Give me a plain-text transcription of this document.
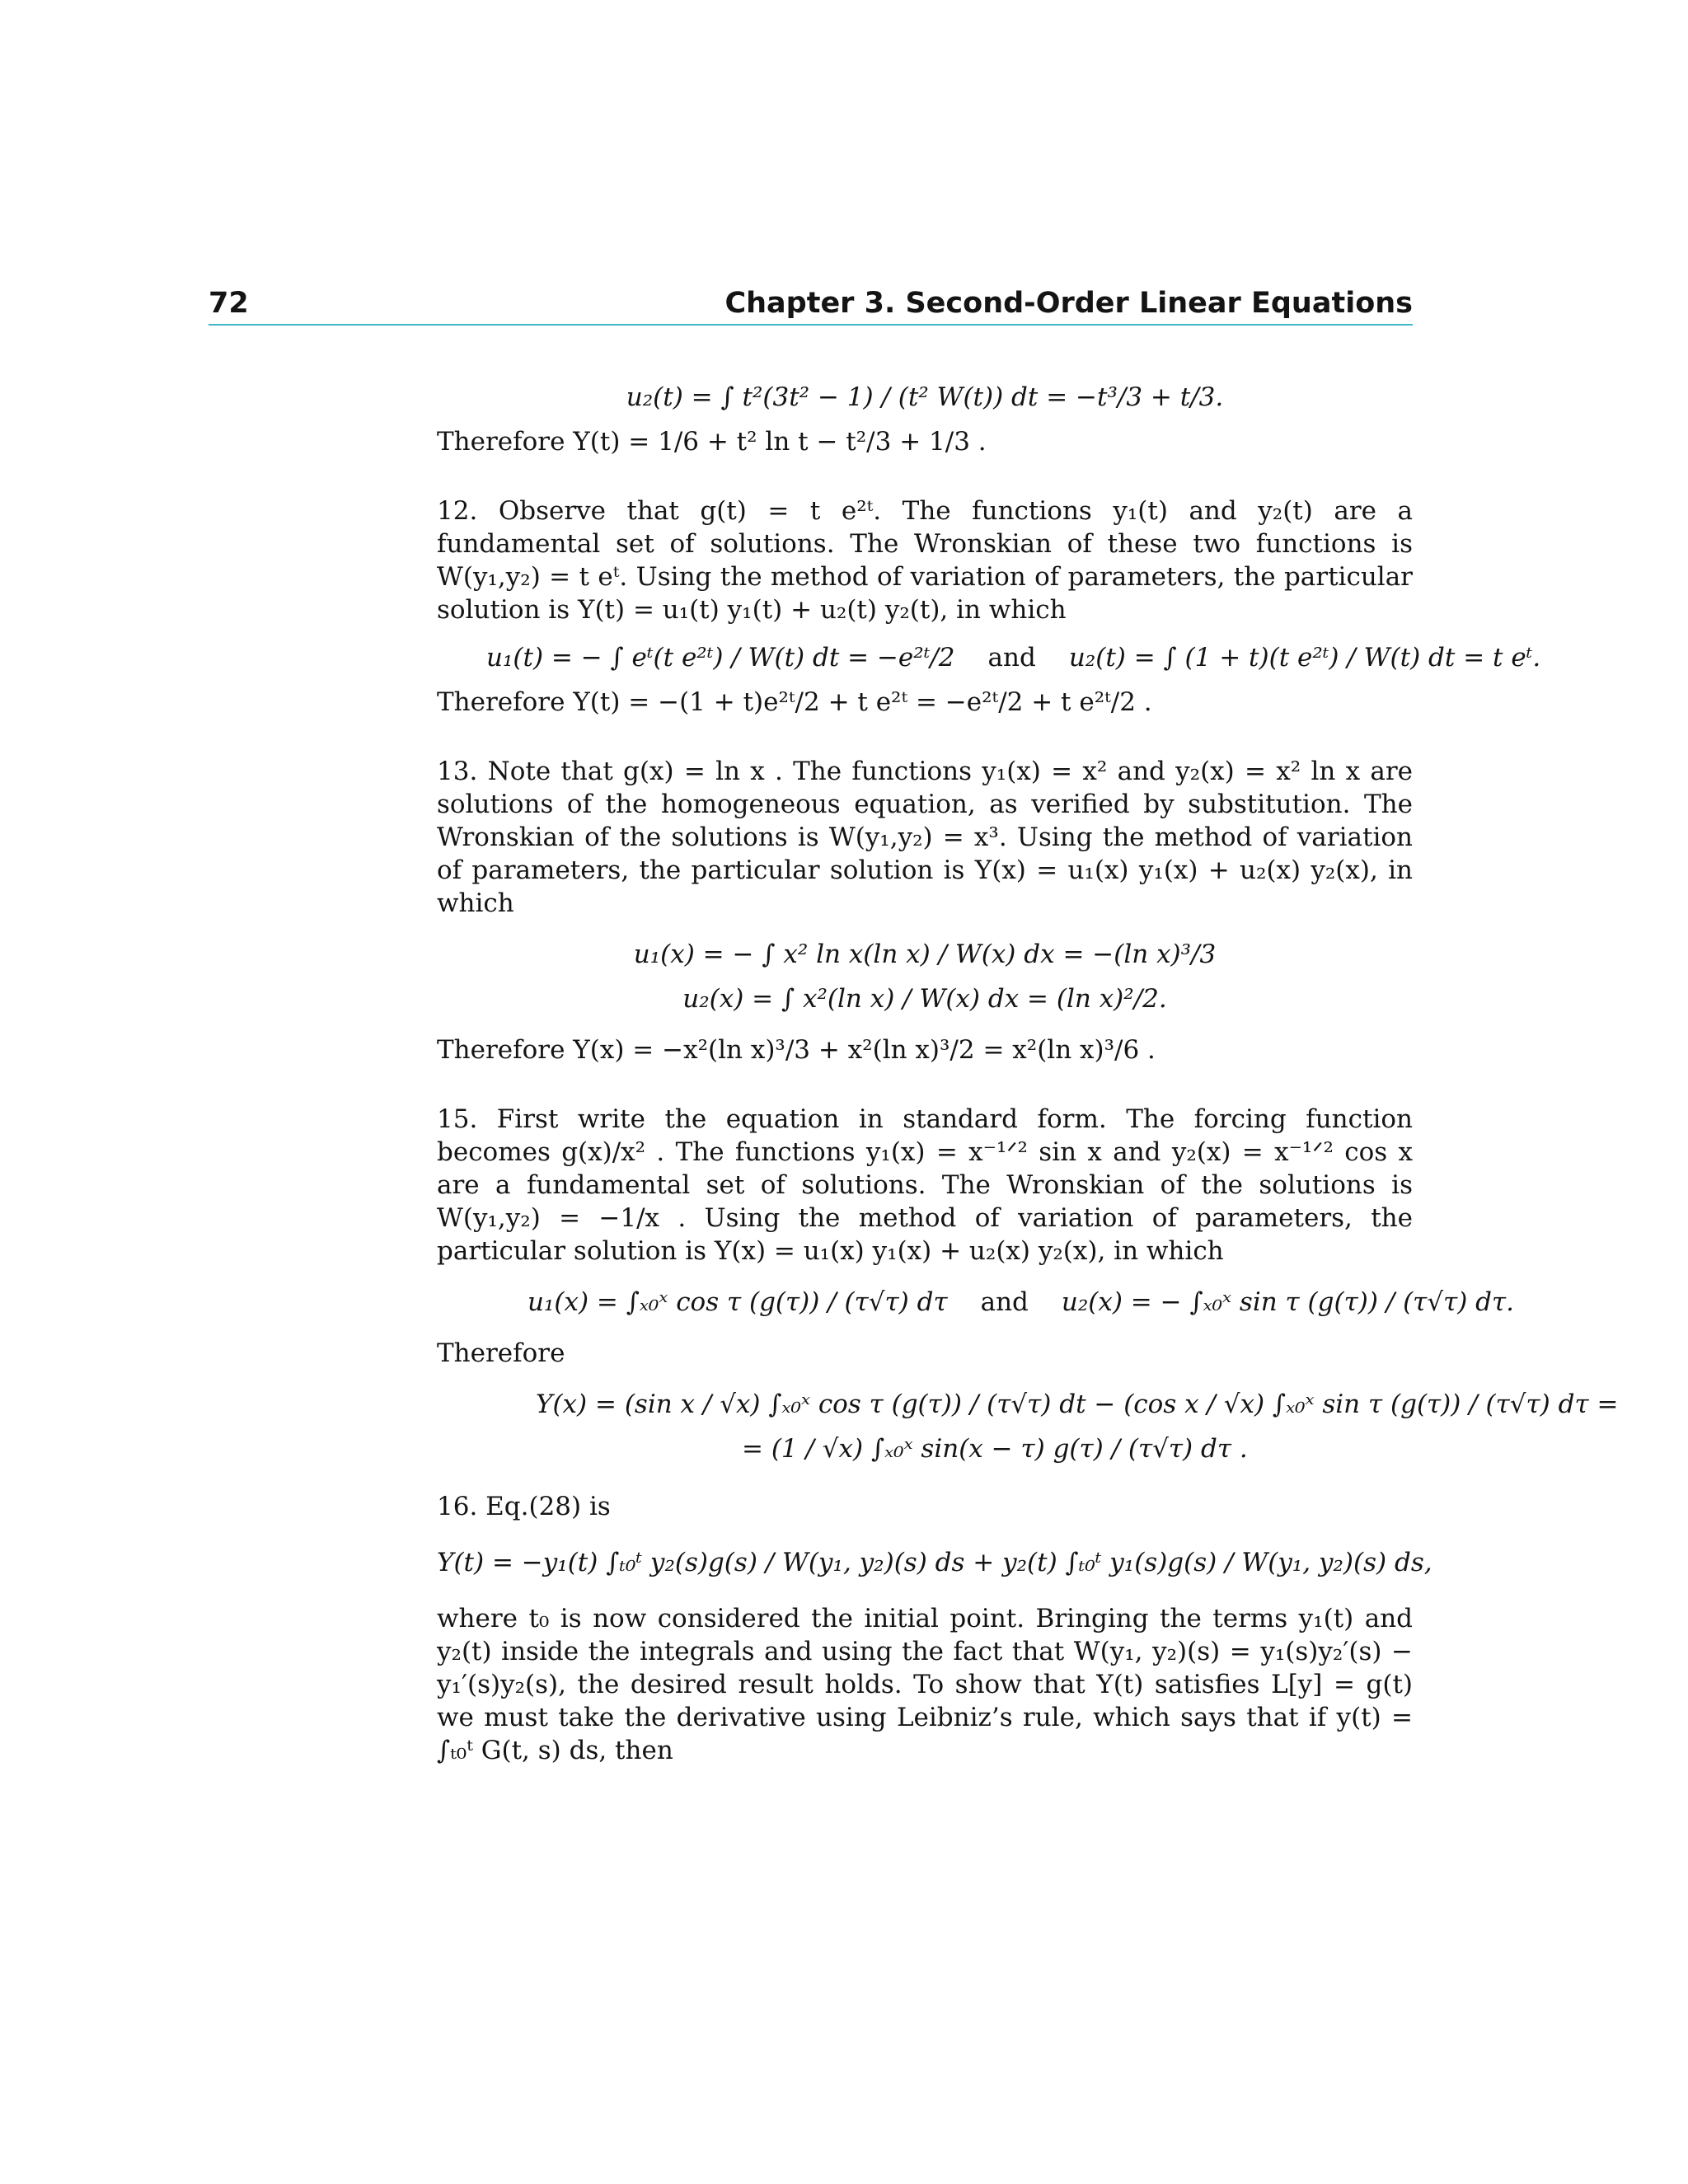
72	Chapter 3. Second-Order Linear Equations
u₂(t) = ∫ t²(3t² − 1) / (t² W(t)) dt = −t³/3 + t/3.

Therefore Y(t) = 1/6 + t² ln t − t²/3 + 1/3 .

12. Observe that g(t) = t e²ᵗ. The functions y₁(t) and y₂(t) are a fundamental set of solutions. The Wronskian of these two functions is W(y₁,y₂) = t eᵗ. Using the method of variation of parameters, the particular solution is Y(t) = u₁(t) y₁(t) + u₂(t) y₂(t), in which

u₁(t) = − ∫ eᵗ(t e²ᵗ) / W(t) dt = −e²ᵗ/2 and u₂(t) = ∫ (1 + t)(t e²ᵗ) / W(t) dt = t eᵗ.

Therefore Y(t) = −(1 + t)e²ᵗ/2 + t e²ᵗ = −e²ᵗ/2 + t e²ᵗ/2 .

13. Note that g(x) = ln x . The functions y₁(x) = x² and y₂(x) = x² ln x are solutions of the homogeneous equation, as verified by substitution. The Wronskian of the solutions is W(y₁,y₂) = x³. Using the method of variation of parameters, the particular solution is Y(x) = u₁(x) y₁(x) + u₂(x) y₂(x), in which

u₁(x) = − ∫ x² ln x(ln x) / W(x) dx = −(ln x)³/3
u₂(x) = ∫ x²(ln x) / W(x) dx = (ln x)²/2.

Therefore Y(x) = −x²(ln x)³/3 + x²(ln x)³/2 = x²(ln x)³/6 .

15. First write the equation in standard form. The forcing function becomes g(x)/x² . The functions y₁(x) = x⁻¹ᐟ² sin x and y₂(x) = x⁻¹ᐟ² cos x are a fundamental set of solutions. The Wronskian of the solutions is W(y₁,y₂) = −1/x . Using the method of variation of parameters, the particular solution is Y(x) = u₁(x) y₁(x) + u₂(x) y₂(x), in which

u₁(x) = ∫ₓ₀ˣ cos τ (g(τ)) / (τ√τ) dτ and u₂(x) = − ∫ₓ₀ˣ sin τ (g(τ)) / (τ√τ) dτ.

Therefore

Y(x) = (sin x / √x) ∫ₓ₀ˣ cos τ (g(τ)) / (τ√τ) dt − (cos x / √x) ∫ₓ₀ˣ sin τ (g(τ)) / (τ√τ) dτ =
= (1 / √x) ∫ₓ₀ˣ sin(x − τ) g(τ) / (τ√τ) dτ .

16. Eq.(28) is

Y(t) = −y₁(t) ∫ₜ₀ᵗ y₂(s)g(s) / W(y₁, y₂)(s) ds + y₂(t) ∫ₜ₀ᵗ y₁(s)g(s) / W(y₁, y₂)(s) ds,

where t₀ is now considered the initial point. Bringing the terms y₁(t) and y₂(t) inside the integrals and using the fact that W(y₁, y₂)(s) = y₁(s)y₂′(s) − y₁′(s)y₂(s), the desired result holds. To show that Y(t) satisfies L[y] = g(t) we must take the derivative using Leibniz’s rule, which says that if y(t) = ∫ₜ₀ᵗ G(t, s) ds, then
